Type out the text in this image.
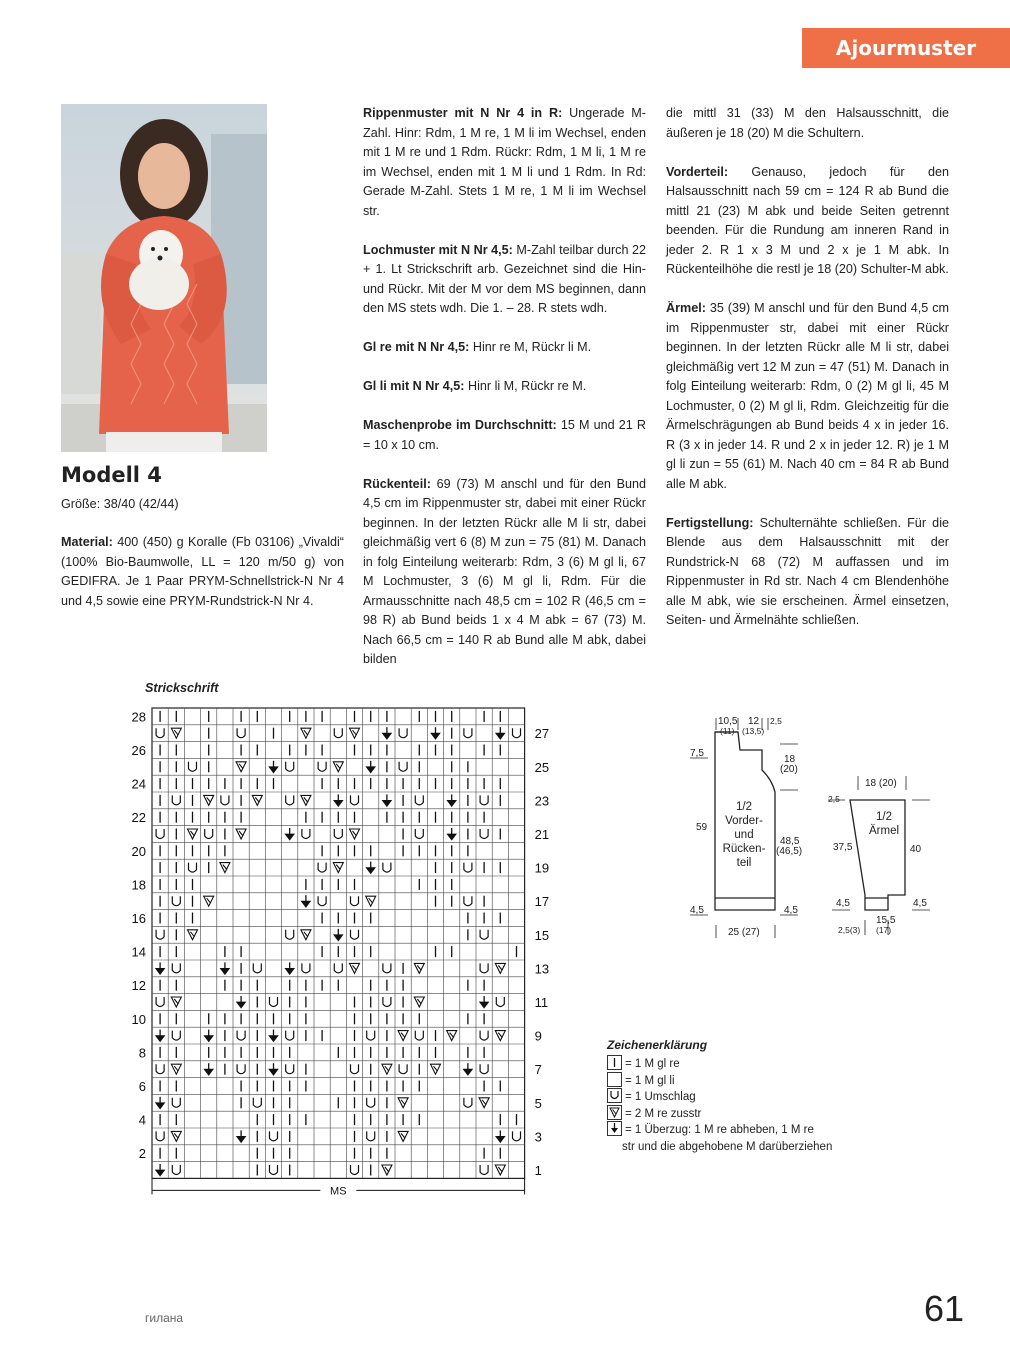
Ajourmuster
Modell 4
Größe: 38/40 (42/44)
Material: 400 (450) g Koralle (Fb 03106) „Vivaldi“ (100% Bio-Baumwolle, LL = 120 m/50 g) von GEDIFRA. Je 1 Paar PRYM-Schnellstrick-N Nr 4 und 4,5 sowie eine PRYM-Rundstrick-N Nr 4.

Rippenmuster mit N Nr 4 in R: Ungerade M-Zahl. Hinr: Rdm, 1 M re, 1 M li im Wechsel, enden mit 1 M re und 1 Rdm. Rückr: Rdm, 1 M li, 1 M re im Wechsel, enden mit 1 M li und 1 Rdm. In Rd: Gerade M-Zahl. Stets 1 M re, 1 M li im Wechsel str.

Lochmuster mit N Nr 4,5: M-Zahl teilbar durch 22 + 1. Lt Strickschrift arb. Gezeichnet sind die Hin- und Rückr. Mit der M vor dem MS beginnen, dann den MS stets wdh. Die 1. – 28. R stets wdh.

Gl re mit N Nr 4,5: Hinr re M, Rückr li M.

Gl li mit N Nr 4,5: Hinr li M, Rückr re M.

Maschenprobe im Durchschnitt: 15 M und 21 R = 10 x 10 cm.

Rückenteil: 69 (73) M anschl und für den Bund 4,5 cm im Rippenmuster str, dabei mit einer Rückr beginnen. In der letzten Rückr alle M li str, dabei gleichmäßig vert 6 (8) M zun = 75 (81) M. Danach in folg Einteilung weiterarb: Rdm, 3 (6) M gl li, 67 M Lochmuster, 3 (6) M gl li, Rdm. Für die Armausschnitte nach 48,5 cm = 102 R (46,5 cm = 98 R) ab Bund beids 1 x 4 M abk = 67 (73) M. Nach 66,5 cm = 140 R ab Bund alle M abk, dabei bilden

die mittl 31 (33) M den Halsausschnitt, die äußeren je 18 (20) M die Schultern.

Vorderteil: Genauso, jedoch für den Halsausschnitt nach 59 cm = 124 R ab Bund die mittl 21 (23) M abk und beide Seiten getrennt beenden. Für die Rundung am inneren Rand in jeder 2. R 1 x 3 M und 2 x je 1 M abk. In Rückenteilhöhe die restl je 18 (20) Schulter-M abk.

Ärmel: 35 (39) M anschl und für den Bund 4,5 cm im Rippenmuster str, dabei mit einer Rückr beginnen. In der letzten Rückr alle M li str, dabei gleichmäßig vert 12 M zun = 47 (51) M. Danach in folg Einteilung weiterarb: Rdm, 0 (2) M gl li, 45 M Lochmuster, 0 (2) M gl li, Rdm. Gleichzeitig für die Ärmelschrägungen ab Bund beids 4 x in jeder 16. R (3 x in jeder 14. R und 2 x in jeder 12. R) je 1 M gl li zun = 55 (61) M. Nach 40 cm = 84 R ab Bund alle M abk.

Fertigstellung: Schulternähte schließen. Für die Blende aus dem Halsausschnitt mit der Rundstrick-N 68 (72) M auffassen und im Rippenmuster in Rd str. Nach 4 cm Blendenhöhe alle M abk, wie sie erscheinen. Ärmel einsetzen, Seiten- und Ärmelnähte schließen.

Strickschrift
28
26
24
22
20
18
16
14
12
10
8
6
4
2
27
25
23
21
19
17
15
13
11
9
7
5
3
1
MS
10,5
(11)
12
(13,5)
2,5
7,5
18
(20)
59
48,5
(46,5)
4,5	4,5
25 (27)
1/2
Vorder-
und
Rücken-
teil
18 (20)
2,5
37,5	40
4,5	4,5
15,5
(17)
2,5(3)
1/2
Ärmel
Zeichenerklärung
= 1 M gl re
= 1 M gl li
= 1 Umschlag
= 2 M re zusstr
= 1 Überzug: 1 M re abheben, 1 M re
str und die abgehobene M darüberziehen
гилана	61
